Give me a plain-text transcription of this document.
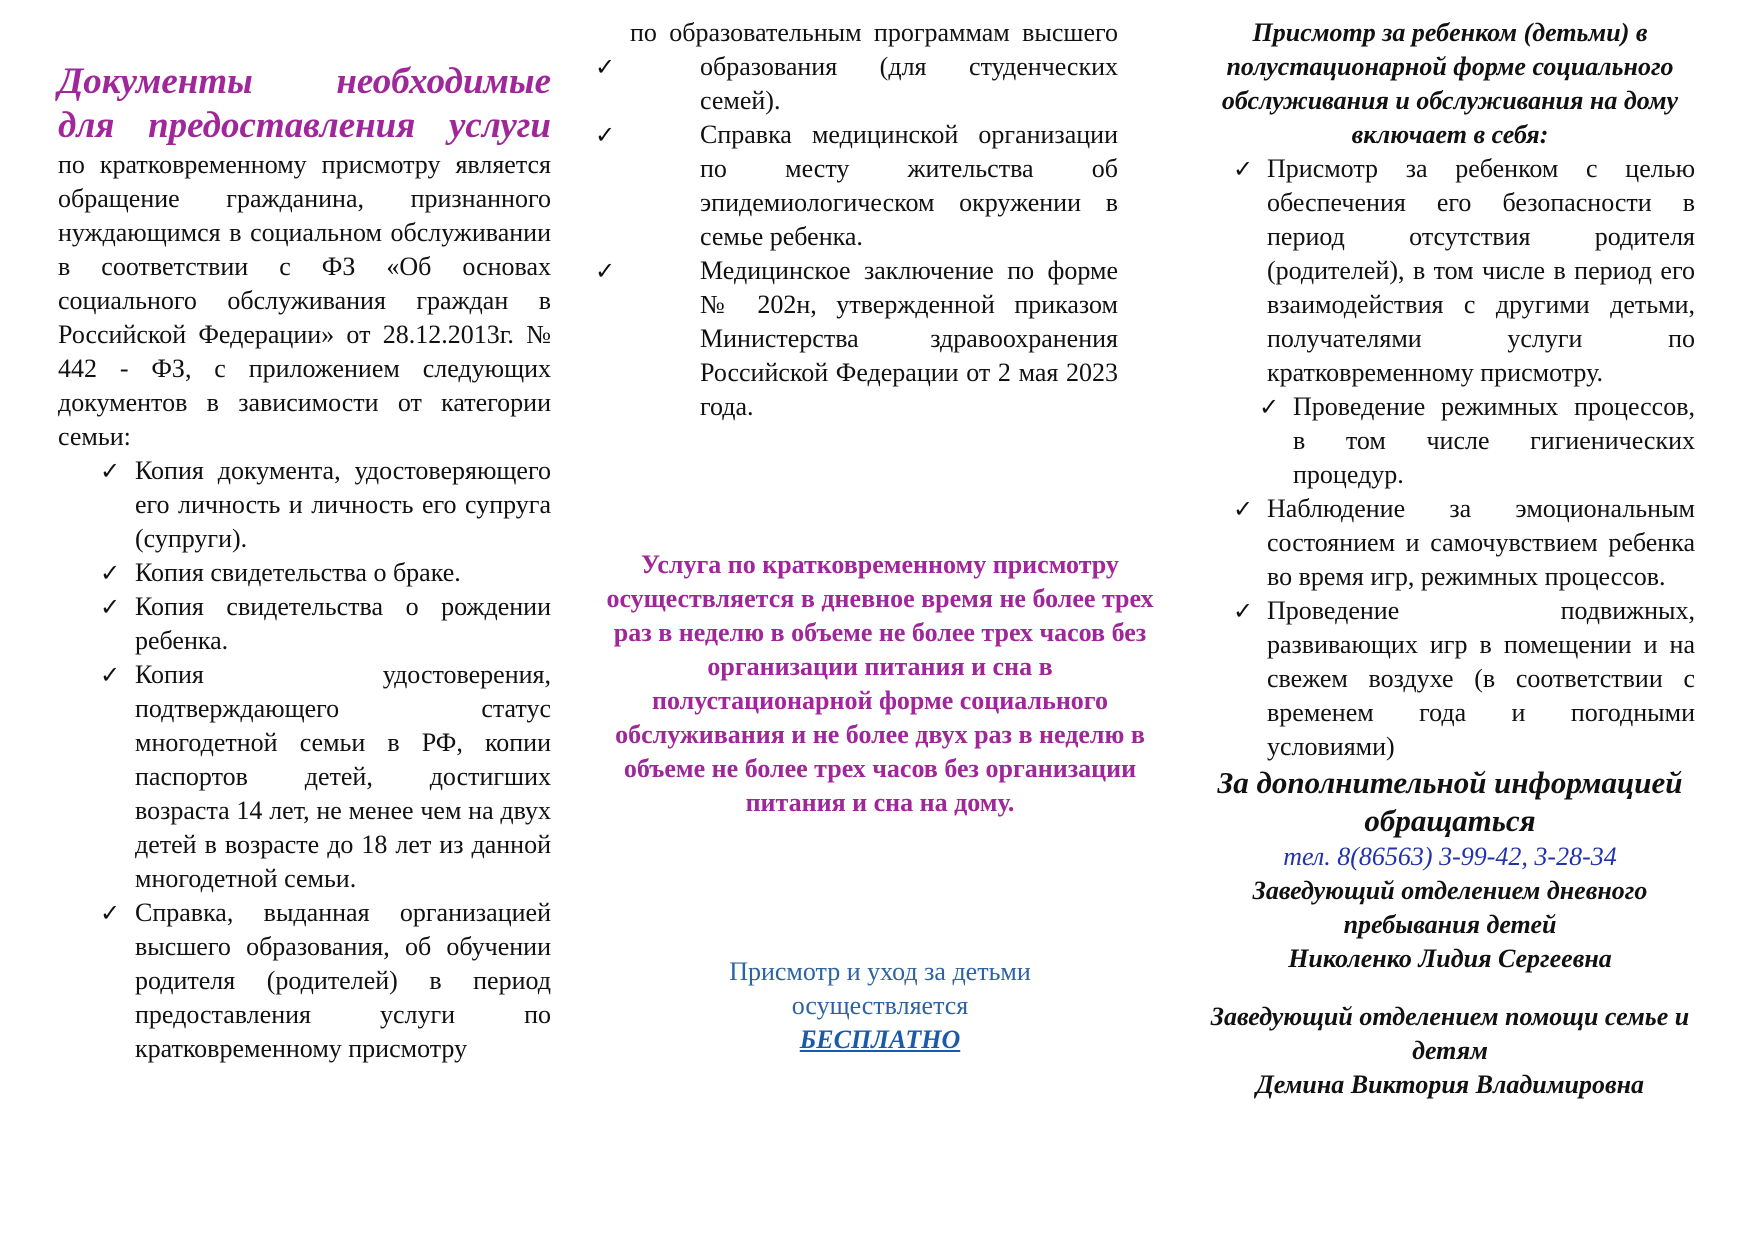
Документы необходимые

для предоставления услуги

по кратковременному присмотру является обращение гражданина, признанного нуждающимся в социальном обслуживании в соответствии с ФЗ «Об основах социального обслуживания граждан в Российской Федерации» от 28.12.2013г. № 442 - ФЗ, с приложением следующих документов в зависимости от категории семьи:

✓ Копия документа, удостоверяющего его личность и личность его супруга (супруги).
✓ Копия свидетельства о браке.
✓ Копия свидетельства о рождении ребенка.
✓ Копия удостоверения, подтверждающего статус многодетной семьи в РФ, копии паспортов детей, достигших возраста 14 лет, не менее чем на двух детей в возрасте до 18 лет из данной многодетной семьи.
✓ Справка, выданная организацией высшего образования, об обучении родителя (родителей) в период предоставления услуги по кратковременному присмотру

по образовательным программам высшего

✓	образования (для студенческих семей).
✓	Справка медицинской организации по месту жительства об эпидемиологическом окружении в семье ребенка.
✓	Медицинское заключение по форме № 202н, утвержденной приказом Министерства здравоохранения Российской Федерации от 2 мая 2023 года.
Услуга по кратковременному присмотру осуществляется в дневное время не более трех раз в неделю в объеме не более трех часов без организации питания и сна в полустационарной форме социального обслуживания и не более двух раз в неделю в объеме не более трех часов без организации питания и сна на дому.
Присмотр и уход за детьми
осуществляется
БЕСПЛАТНО

Присмотр за ребенком (детьми) в полустационарной форме социального обслуживания и обслуживания на дому включает в себя:

✓ Присмотр за ребенком с целью обеспечения его безопасности в период отсутствия родителя (родителей), в том числе в период его взаимодействия с другими детьми, получателями услуги по кратковременному присмотру.
✓ Проведение режимных процессов, в том числе гигиенических процедур.
✓ Наблюдение за эмоциональным состоянием и самочувствием ребенка во время игр, режимных процессов.
✓ Проведение подвижных, развивающих игр в помещении и на свежем воздухе (в соответствии с временем года и погодными условиями)

За дополнительной информацией обращаться

тел. 8(86563) 3-99-42, 3-28-34

Заведующий отделением дневного пребывания детей

Николенко Лидия Сергеевна

Заведующий отделением помощи семье и детям

Демина Виктория Владимировна
